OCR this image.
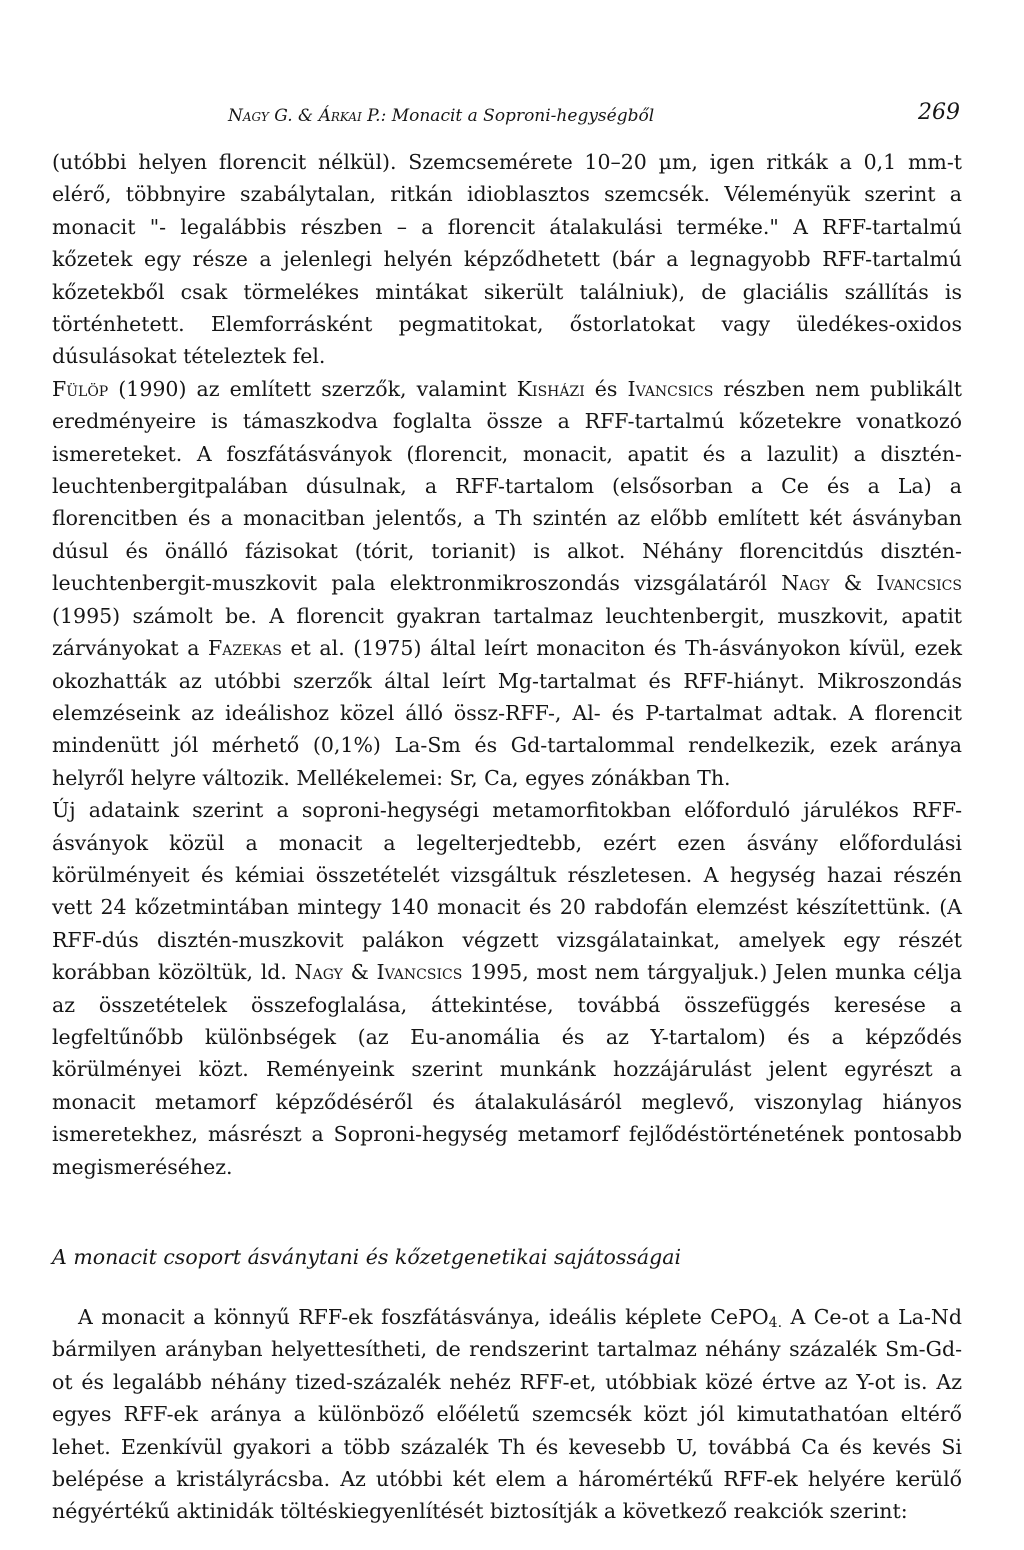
Nagy G. & Árkai P.: Monacit a Soproni-hegységből	269

(utóbbi helyen florencit nélkül). Szemcsemérete 10–20 µm, igen ritkák a 0,1 mm-t elérő, többnyire szabálytalan, ritkán idioblasztos szemcsék. Véleményük szerint a monacit "- legalábbis részben – a florencit átalakulási terméke." A RFF-tartalmú kőzetek egy része a jelenlegi helyén képződhetett (bár a legnagyobb RFF-tartalmú kőzetekből csak törmelékes mintákat sikerült találniuk), de glaciális szállítás is történhetett. Elemforrásként pegmatitokat, őstorlatokat vagy üledékes-oxidos dúsulásokat tételeztek fel.

Fülöp (1990) az említett szerzők, valamint Kisházi és Ivancsics részben nem publikált eredményeire is támaszkodva foglalta össze a RFF-tartalmú kőzetekre vonatkozó ismereteket. A foszfátásványok (florencit, monacit, apatit és a lazulit) a disztén-leuchtenbergitpalában dúsulnak, a RFF-tartalom (elsősorban a Ce és a La) a florencitben és a monacitban jelentős, a Th szintén az előbb említett két ásványban dúsul és önálló fázisokat (tórit, torianit) is alkot. Néhány florencitdús disztén-leuchtenbergit-muszkovit pala elektronmikroszondás vizsgálatáról Nagy & Ivancsics (1995) számolt be. A florencit gyakran tartalmaz leuchtenbergit, muszkovit, apatit zárványokat a Fazekas et al. (1975) által leírt monaciton és Th-ásványokon kívül, ezek okozhatták az utóbbi szerzők által leírt Mg-tartalmat és RFF-hiányt. Mikroszondás elemzéseink az ideálishoz közel álló össz-RFF-, Al- és P-tartalmat adtak. A florencit mindenütt jól mérhető (0,1%) La-Sm és Gd-tartalommal rendelkezik, ezek aránya helyről helyre változik. Mellékelemei: Sr, Ca, egyes zónákban Th.

Új adataink szerint a soproni-hegységi metamorfitokban előforduló járulékos RFF-ásványok közül a monacit a legelterjedtebb, ezért ezen ásvány előfordulási körülményeit és kémiai összetételét vizsgáltuk részletesen. A hegység hazai részén vett 24 kőzetmintában mintegy 140 monacit és 20 rabdofán elemzést készítettünk. (A RFF-dús disztén-muszkovit palákon végzett vizsgálatainkat, amelyek egy részét korábban közöltük, ld. Nagy & Ivancsics 1995, most nem tárgyaljuk.) Jelen munka célja az összetételek összefoglalása, áttekintése, továbbá összefüggés keresése a legfeltűnőbb különbségek (az Eu-anomália és az Y-tartalom) és a képződés körülményei közt. Reményeink szerint munkánk hozzájárulást jelent egyrészt a monacit metamorf képződéséről és átalakulásáról meglevő, viszonylag hiányos ismeretekhez, másrészt a Soproni-hegység metamorf fejlődéstörténetének pontosabb megismeréséhez.

A monacit csoport ásványtani és kőzetgenetikai sajátosságai

A monacit a könnyű RFF-ek foszfátásványa, ideális képlete CePO$_{4.}$ A Ce-ot a La-Nd bármilyen arányban helyettesítheti, de rendszerint tartalmaz néhány százalék Sm-Gd-ot és legalább néhány tized-százalék nehéz RFF-et, utóbbiak közé értve az Y-ot is. Az egyes RFF-ek aránya a különböző előéletű szemcsék közt jól kimutathatóan eltérő lehet. Ezenkívül gyakori a több százalék Th és kevesebb U, továbbá Ca és kevés Si belépése a kristályrácsba. Az utóbbi két elem a háromértékű RFF-ek helyére kerülő négyértékű aktinidák töltéskiegyenlítését biztosítják a következő reakciók szerint:
